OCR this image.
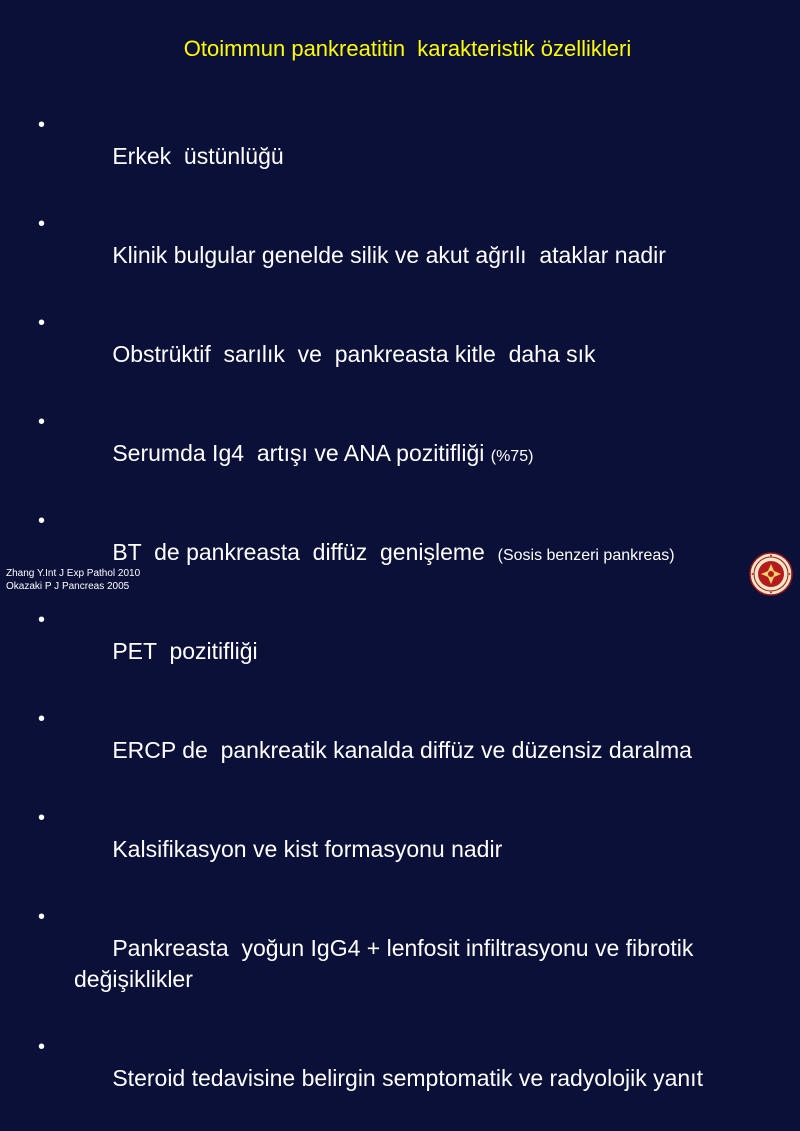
Otoimmun pankreatitin  karakteristik özellikleri

•
Erkek  üstünlüğü

•
Klinik bulgular genelde silik ve akut ağrılı  ataklar nadir

•
Obstrüktif  sarılık  ve  pankreasta kitle  daha sık

•
Serumda Ig4  artışı ve ANA pozitifliği (%75)

•
BT  de pankreasta  diffüz  genişleme  (Sosis benzeri pankreas)

•
PET  pozitifliği

•
ERCP de  pankreatik kanalda diffüz ve düzensiz daralma

•
Kalsifikasyon ve kist formasyonu nadir

•
Pankreasta  yoğun IgG4 + lenfosit infiltrasyonu ve fibrotik değişiklikler

•
Steroid tedavisine belirgin semptomatik ve radyolojik yanıt

Zhang Y.Int J Exp Pathol 2010
Okazaki P J Pancreas 2005
